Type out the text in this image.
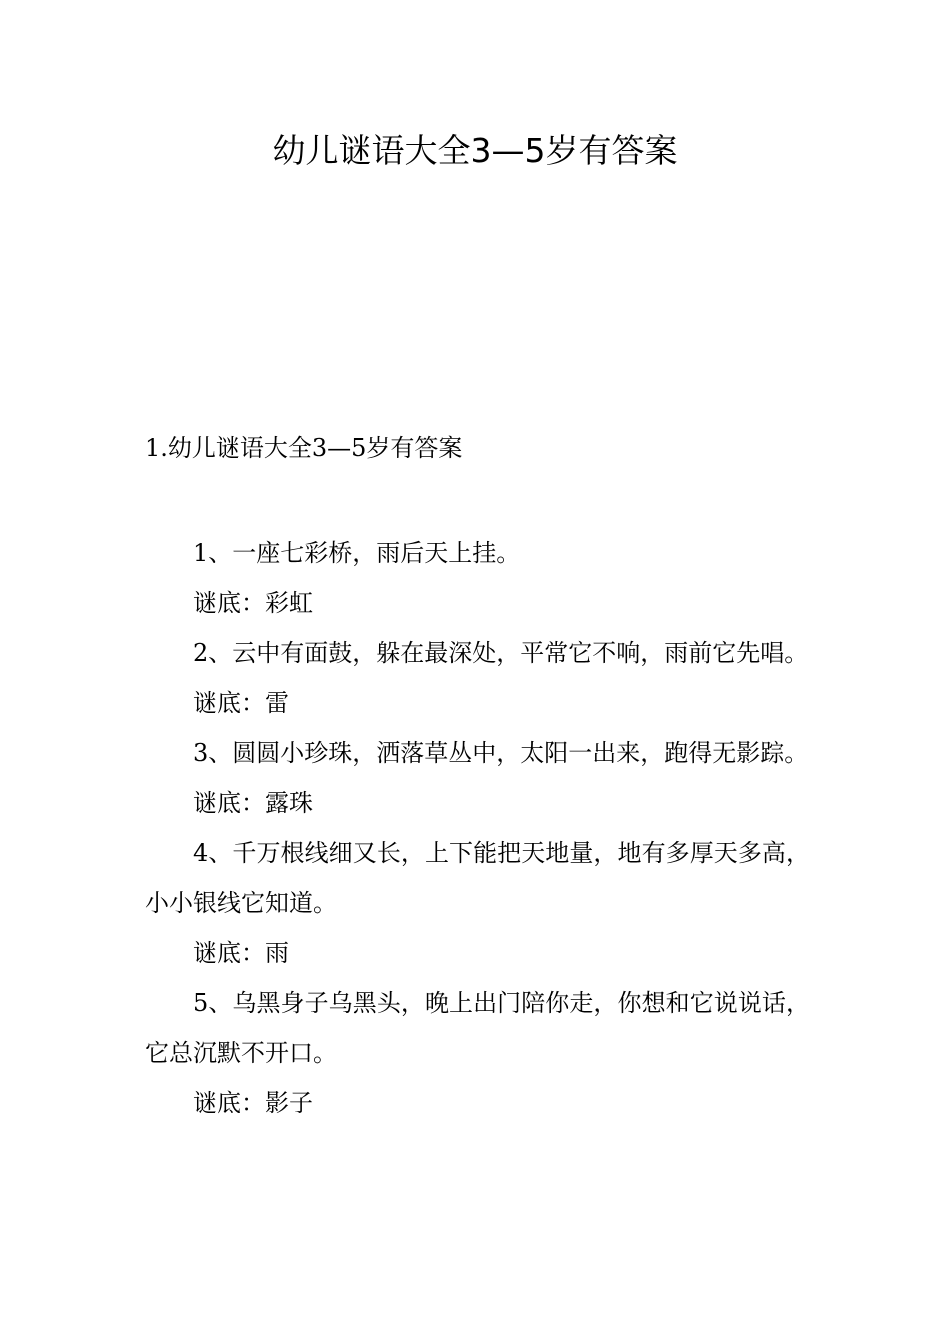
幼儿谜语大全3—5岁有答案
1.幼儿谜语大全3—5岁有答案

1、一座七彩桥，雨后天上挂。

谜底：彩虹

2、云中有面鼓，躲在最深处，平常它不响，雨前它先唱。

谜底：雷

3、圆圆小珍珠，洒落草丛中，太阳一出来，跑得无影踪。

谜底：露珠

4、千万根线细又长，上下能把天地量，地有多厚天多高，小小银线它知道。

谜底：雨

5、乌黑身子乌黑头，晚上出门陪你走，你想和它说说话，它总沉默不开口。

谜底：影子
